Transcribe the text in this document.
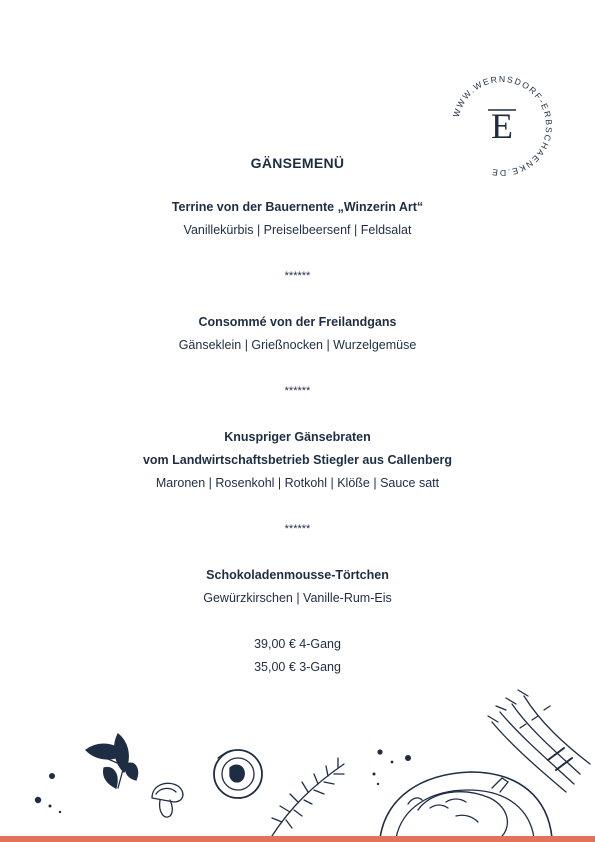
WWW.WERNSDORF-ERBSCHAENKE.DE
E
GÄNSEMENÜ
Terrine von der Bauernente „Winzerin Art“
Vanillekürbis | Preiselbeersenf | Feldsalat
******
Consommé von der Freilandgans
Gänseklein | Grießnocken | Wurzelgemüse
******
Knuspriger Gänsebraten
vom Landwirtschaftsbetrieb Stiegler aus Callenberg
Maronen | Rosenkohl | Rotkohl | Klöße | Sauce satt
******
Schokoladenmousse-Törtchen
Gewürzkirschen | Vanille-Rum-Eis
39,00 € 4-Gang
35,00 € 3-Gang
